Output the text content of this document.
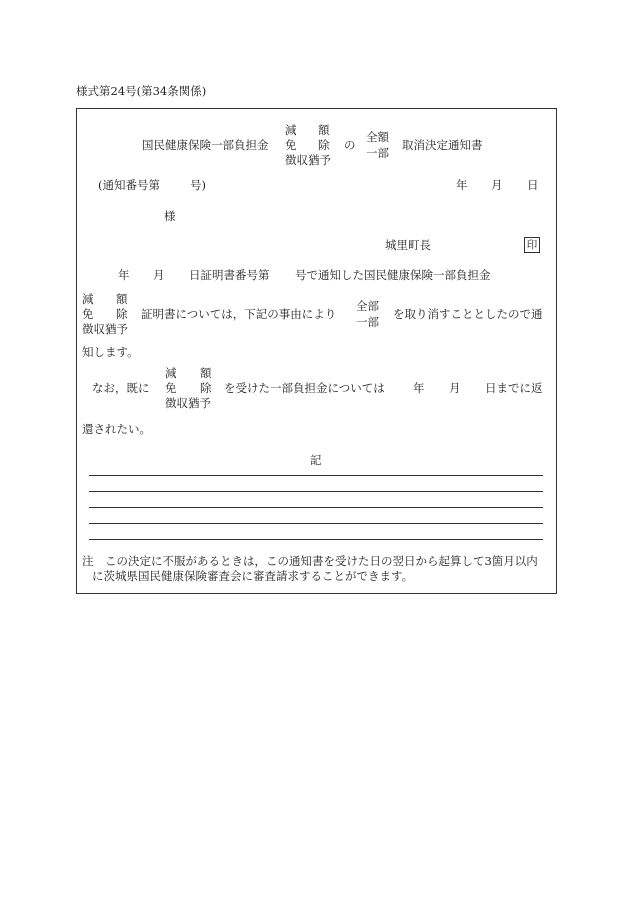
様式第24号(第34条関係)
国民健康保険一部負担金
減 額
免 除
徴収猶予
の
全額
一部
取消決定通知書
(通知番号第	号)	年 月 日
様
城里町長	印
年 月 日証明書番号第 号で通知した国民健康保険一部負担金
減 額
免 除
徴収猶予
証明書については，下記の事由により
全部
一部
を取り消すこととしたので通
知します。
なお，既に
減 額
免 除
徴収猶予
を受けた一部負担金については 年 月 日までに返
還されたい。
記
注　この決定に不服があるときは，この通知書を受けた日の翌日から起算して3箇月以内
に茨城県国民健康保険審査会に審査請求することができます。
